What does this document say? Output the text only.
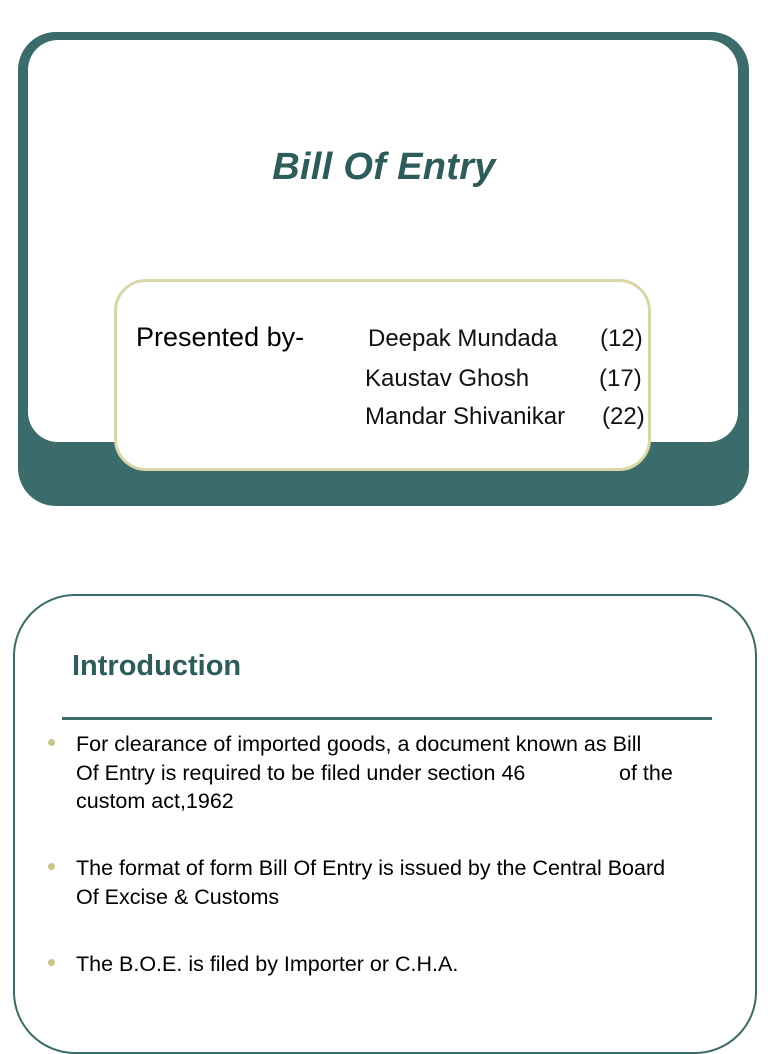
Bill Of Entry
Presented by-	Deepak Mundada (12)
Kaustav Ghosh	(17)
Mandar Shivanikar (22)
Introduction
For clearance of imported goods, a document known as Bill
Of Entry is required to be filed under section 46	of the
custom act,1962
The format of form Bill Of Entry is issued by the Central Board
Of Excise & Customs
The B.O.E. is filed by Importer or C.H.A.
